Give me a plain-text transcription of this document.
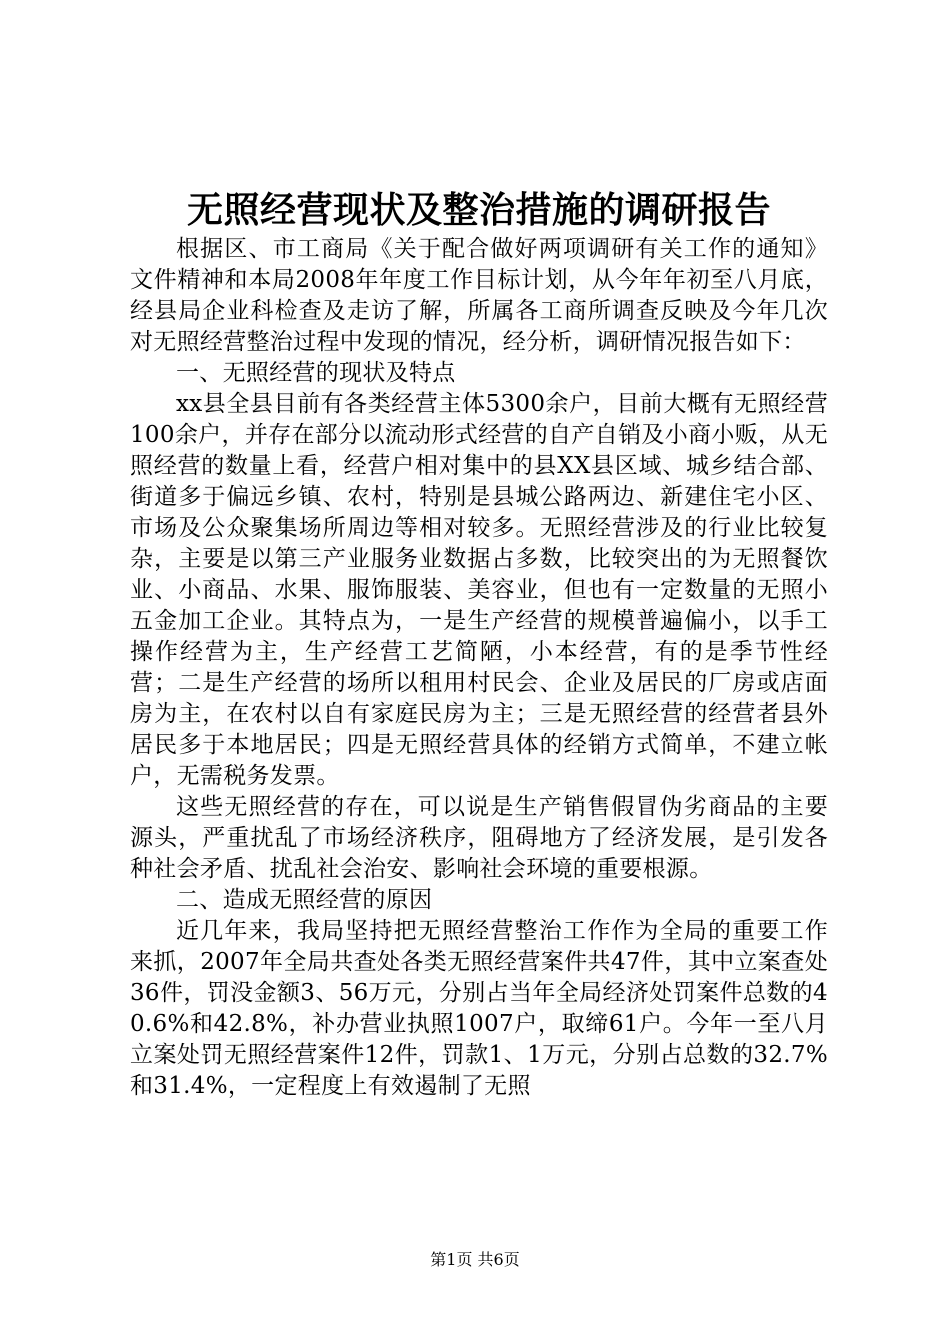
无照经营现状及整治措施的调研报告

根据区、市工商局《关于配合做好两项调研有关工作的通知》文件精神和本局2008年年度工作目标计划，从今年年初至八月底，经县局企业科检查及走访了解，所属各工商所调查反映及今年几次对无照经营整治过程中发现的情况，经分析，调研情况报告如下：

一、无照经营的现状及特点

xx县全县目前有各类经营主体5300余户，目前大概有无照经营100余户，并存在部分以流动形式经营的自产自销及小商小贩，从无照经营的数量上看，经营户相对集中的县XX县区域、城乡结合部、街道多于偏远乡镇、农村，特别是县城公路两边、新建住宅小区、市场及公众聚集场所周边等相对较多。无照经营涉及的行业比较复杂，主要是以第三产业服务业数据占多数，比较突出的为无照餐饮业、小商品、水果、服饰服装、美容业，但也有一定数量的无照小五金加工企业。其特点为，一是生产经营的规模普遍偏小，以手工操作经营为主，生产经营工艺简陋，小本经营，有的是季节性经营；二是生产经营的场所以租用村民会、企业及居民的厂房或店面房为主，在农村以自有家庭民房为主；三是无照经营的经营者县外居民多于本地居民；四是无照经营具体的经销方式简单，不建立帐户，无需税务发票。

这些无照经营的存在，可以说是生产销售假冒伪劣商品的主要源头，严重扰乱了市场经济秩序，阻碍地方了经济发展，是引发各种社会矛盾、扰乱社会治安、影响社会环境的重要根源。

二、造成无照经营的原因

近几年来，我局坚持把无照经营整治工作作为全局的重要工作来抓，2007年全局共查处各类无照经营案件共47件，其中立案查处36件，罚没金额3、56万元，分别占当年全局经济处罚案件总数的40.6%和42.8%，补办营业执照1007户，取缔61户。今年一至八月立案处罚无照经营案件12件，罚款1、1万元，分别占总数的32.7%和31.4%，一定程度上有效遏制了无照

第1页 共6页
